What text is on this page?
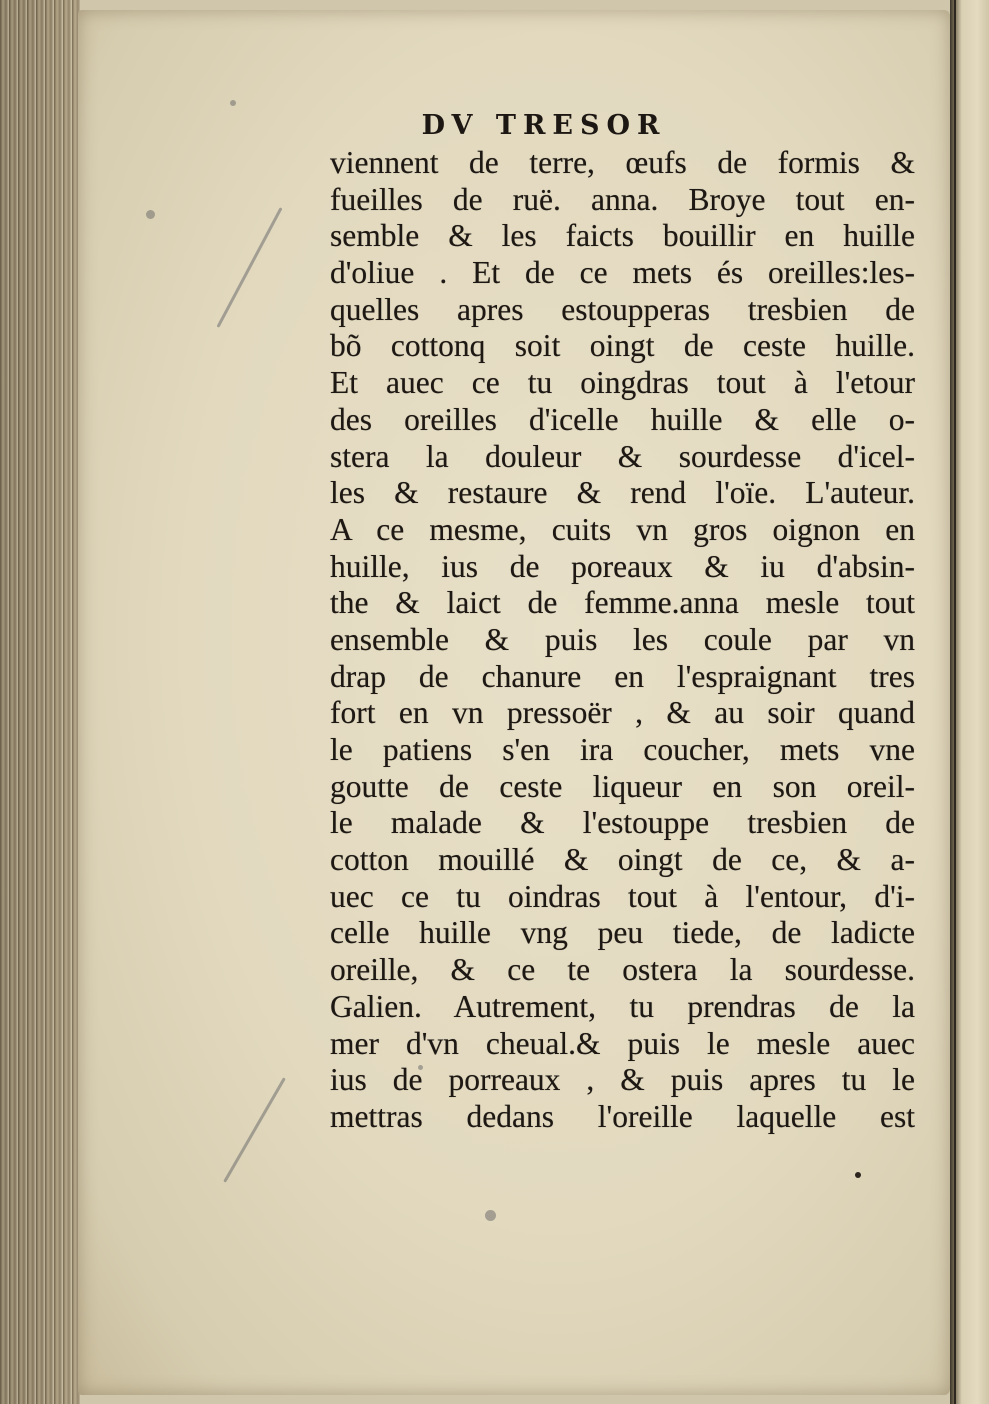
DV TRESOR
viennent de terre, œufs de formis &
fueilles de ruë. anna. Broye tout en-
semble & les faicts bouillir en huille
d'oliue . Et de ce mets és oreilles:les-
quelles apres estoupperas tresbien de
bõ cottonq soit oingt de ceste huille.
Et auec ce tu oingdras tout à l'etour
des oreilles d'icelle huille & elle o-
stera la douleur & sourdesse d'icel-
les & restaure & rend l'oïe. L'auteur.
A ce mesme, cuits vn gros oignon en
huille, ius de poreaux & iu d'absin-
the & laict de femme.anna mesle tout
ensemble & puis les coule par vn
drap de chanure en l'espraignant tres
fort en vn pressoër , & au soir quand
le patiens s'en ira coucher, mets vne
goutte de ceste liqueur en son oreil-
le malade & l'estouppe tresbien de
cotton mouillé & oingt de ce, & a-
uec ce tu oindras tout à l'entour, d'i-
celle huille vng peu tiede, de ladicte
oreille, & ce te ostera la sourdesse.
Galien. Autrement, tu prendras de la
mer d'vn cheual.& puis le mesle auec
ius de porreaux , & puis apres tu le
mettras dedans l'oreille laquelle est
